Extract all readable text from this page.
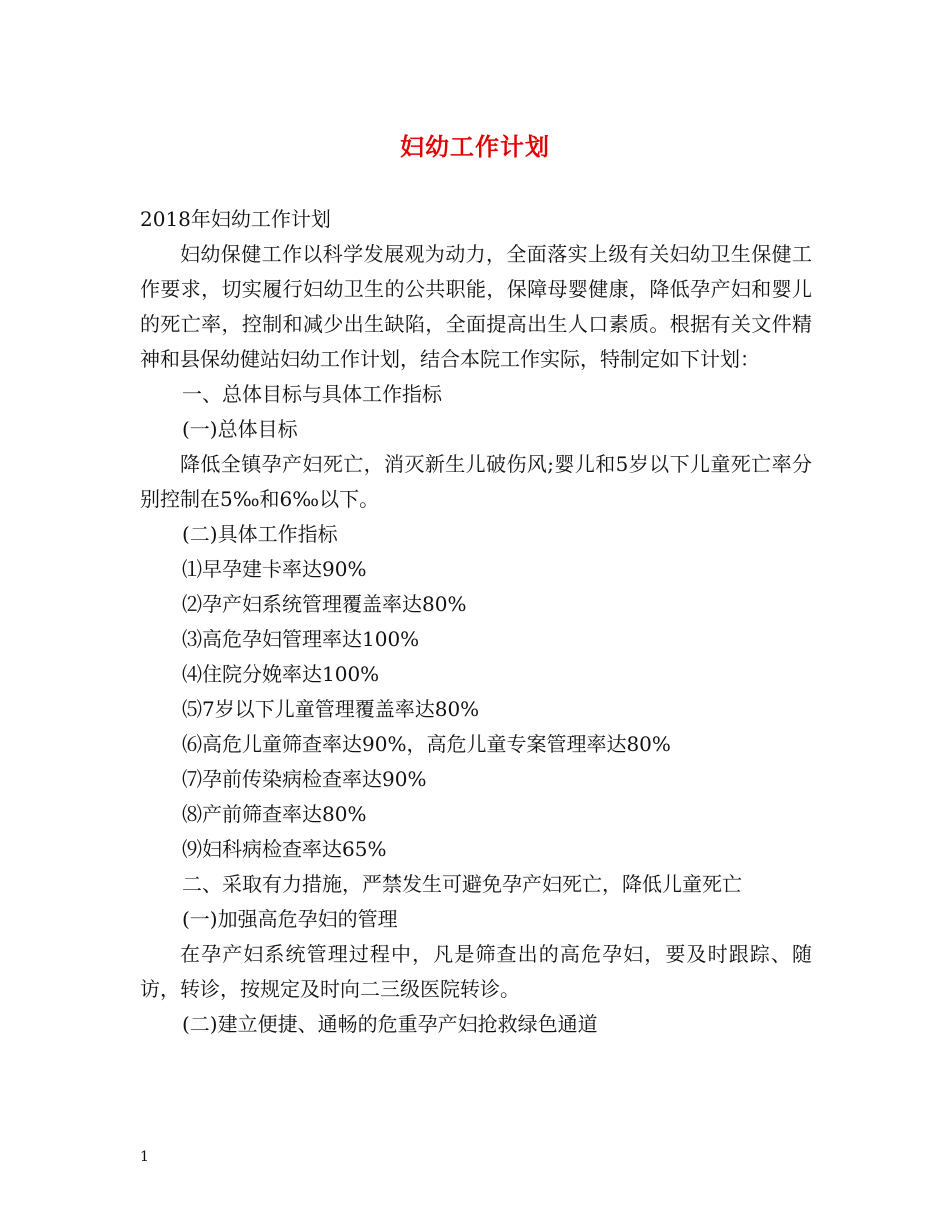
妇幼工作计划
2018年妇幼工作计划

妇幼保健工作以科学发展观为动力，全面落实上级有关妇幼卫生保健工作要求，切实履行妇幼卫生的公共职能，保障母婴健康，降低孕产妇和婴儿的死亡率，控制和减少出生缺陷，全面提高出生人口素质。根据有关文件精神和县保幼健站妇幼工作计划，结合本院工作实际，特制定如下计划：

一、总体目标与具体工作指标
(一)总体目标

降低全镇孕产妇死亡，消灭新生儿破伤风;婴儿和5岁以下儿童死亡率分别控制在5‰和6‰以下。

(二)具体工作指标
⑴早孕建卡率达90%
⑵孕产妇系统管理覆盖率达80%
⑶高危孕妇管理率达100%
⑷住院分娩率达100%
⑸7岁以下儿童管理覆盖率达80%
⑹高危儿童筛查率达90%，高危儿童专案管理率达80%
⑺孕前传染病检查率达90%
⑻产前筛查率达80%
⑼妇科病检查率达65%
二、采取有力措施，严禁发生可避免孕产妇死亡，降低儿童死亡
(一)加强高危孕妇的管理

在孕产妇系统管理过程中，凡是筛查出的高危孕妇，要及时跟踪、随访，转诊，按规定及时向二三级医院转诊。

(二)建立便捷、通畅的危重孕产妇抢救绿色通道
1
